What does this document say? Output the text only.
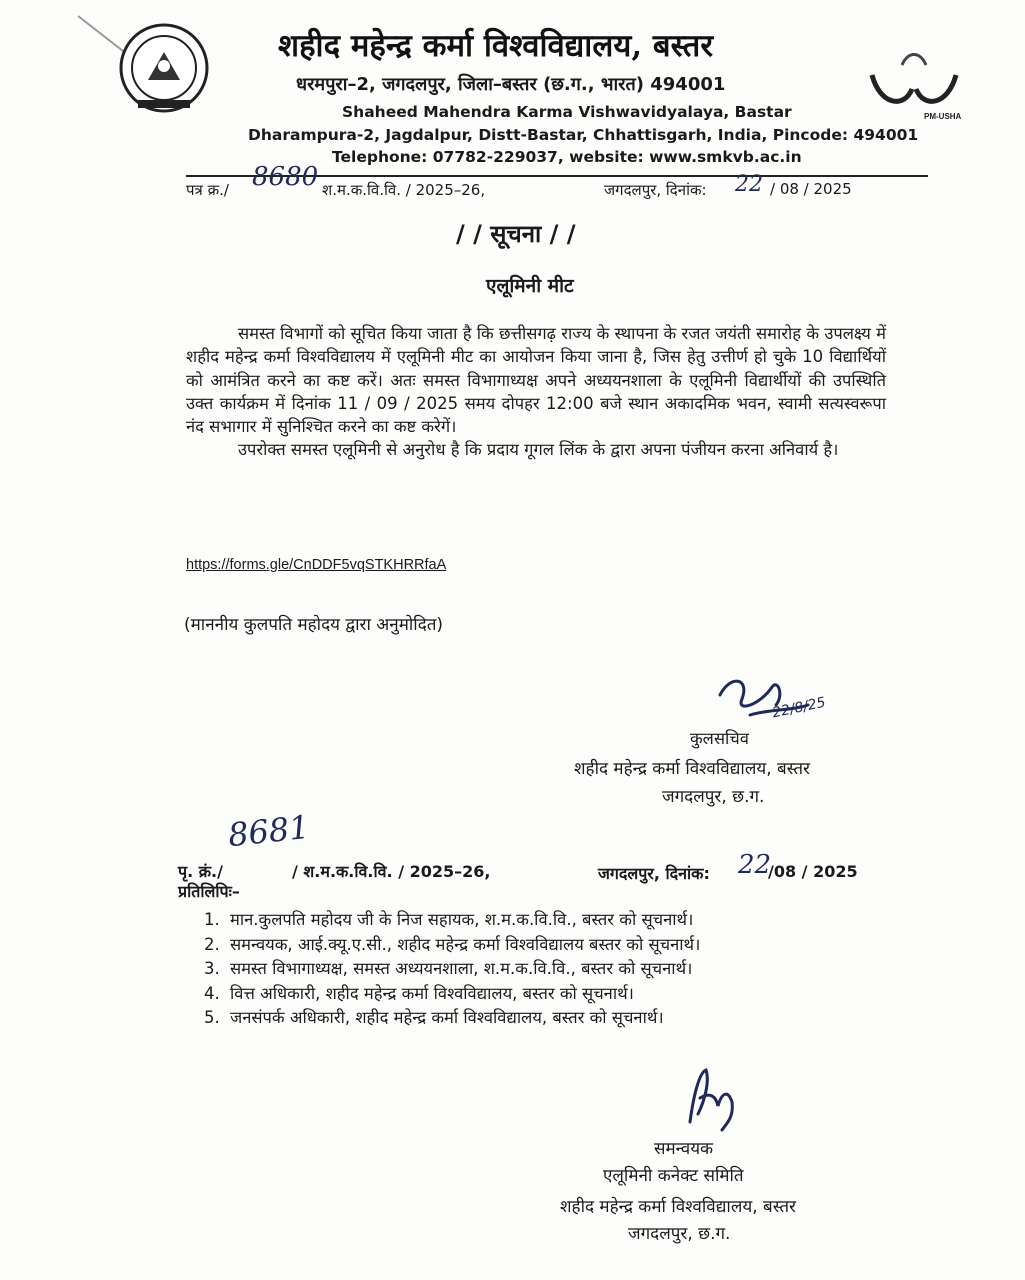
PM-USHA
शहीद महेन्द्र कर्मा विश्वविद्यालय, बस्तर
धरमपुरा–2, जगदलपुर, जिला–बस्तर (छ.ग., भारत) 494001
Shaheed Mahendra Karma Vishwavidyalaya, Bastar
Dharampura-2, Jagdalpur, Distt-Bastar, Chhattisgarh, India, Pincode: 494001
Telephone: 07782-229037, website: www.smkvb.ac.in
पत्र क्र./ 8680 श.म.क.वि.वि. / 2025–26,	जगदलपुर, दिनांक: 22 / 08 / 2025
/ / सूचना / /
एलूमिनी मीट

समस्त विभागों को सूचित किया जाता है कि छत्तीसगढ़ राज्य के स्थापना के रजत जयंती समारोह के उपलक्ष्य में शहीद महेन्द्र कर्मा विश्वविद्यालय में एलूमिनी मीट का आयोजन किया जाना है, जिस हेतु उत्तीर्ण हो चुके 10 विद्यार्थियों को आमंत्रित करने का कष्ट करें। अतः समस्त विभागाध्यक्ष अपने अध्ययनशाला के एलूमिनी विद्यार्थीयों की उपस्थिति उक्त कार्यक्रम में दिनांक 11 / 09 / 2025 समय दोपहर 12:00 बजे स्थान अकादमिक भवन, स्वामी सत्यस्वरूपा नंद सभागार में सुनिश्चित करने का कष्ट करेगें।

उपरोक्त समस्त एलूमिनी से अनुरोध है कि प्रदाय गूगल लिंक के द्वारा अपना पंजीयन करना अनिवार्य है।

https://forms.gle/CnDDF5vqSTKHRRfaA
(माननीय कुलपति महोदय द्वारा अनुमोदित)
22/8/25
कुलसचिव
शहीद महेन्द्र कर्मा विश्वविद्यालय, बस्तर
जगदलपुर, छ.ग.
8681
पृ. क्रं./	/ श.म.क.वि.वि. / 2025–26,	जगदलपुर, दिनांक: 22
/08 / 2025
प्रतिलिपिः–
1. मान.कुलपति महोदय जी के निज सहायक, श.म.क.वि.वि., बस्तर को सूचनार्थ।
2. समन्वयक, आई.क्यू.ए.सी., शहीद महेन्द्र कर्मा विश्वविद्यालय बस्तर को सूचनार्थ।
3. समस्त विभागाध्यक्ष, समस्त अध्ययनशाला, श.म.क.वि.वि., बस्तर को सूचनार्थ।
4. वित्त अधिकारी, शहीद महेन्द्र कर्मा विश्वविद्यालय, बस्तर को सूचनार्थ।
5. जनसंपर्क अधिकारी, शहीद महेन्द्र कर्मा विश्वविद्यालय, बस्तर को सूचनार्थ।
समन्वयक
एलूमिनी कनेक्ट समिति
शहीद महेन्द्र कर्मा विश्वविद्यालय, बस्तर
जगदलपुर, छ.ग.
